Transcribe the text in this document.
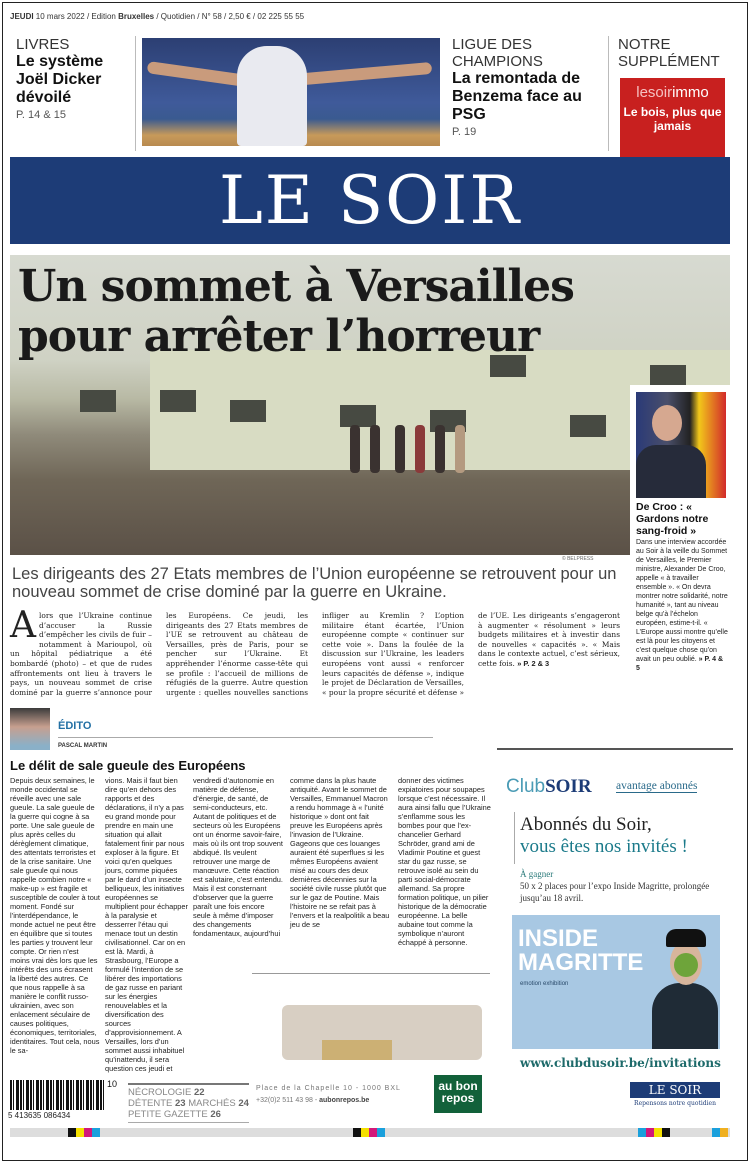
JEUDI 10 mars 2022 / Edition Bruxelles / Quotidien / N° 58 / 2,50 € / 02 225 55 55
LIVRES
Le système Joël Dicker dévoilé
P. 14 & 15
LIGUE DES CHAMPIONS
La remontada de Benzema face au PSG
P. 19
NOTRE SUPPLÉMENT
lesoirimmo
Le bois, plus que jamais
LE SOIR
Un sommet à Versailles
pour arrêter l’horreur
De Croo : « Gardons notre sang-froid »
Dans une interview accordée au Soir à la veille du Sommet de Versailles, le Premier ministre, Alexander De Croo, appelle « à travailler ensemble ». « On devra montrer notre solidarité, notre humanité », tant au niveau belge qu’à l’échelon européen, estime-t-il. « L’Europe aussi montre qu’elle est là pour les citoyens et c’est quelque chose qu’on avait un peu oublié. » P. 4 & 5
© BELPRESS
Les dirigeants des 27 Etats membres de l’Union européenne se retrouvent pour un nouveau sommet de crise dominé par la guerre en Ukraine.
Alors que l’Ukraine continue d’accuser la Russie d’empêcher les civils de fuir – notamment à Marioupol, où un hôpital pédiatrique a été bombardé (photo) – et que de rudes affrontements ont lieu à travers le pays, un nouveau sommet de crise dominé par la guerre s’annonce pour les Européens. Ce jeudi, les dirigeants des 27 Etats membres de l’UE se retrouvent au château de Versailles, près de Paris, pour se pencher sur l’Ukraine. Et appréhender l’énorme casse-tête qui se profile : l’accueil de millions de réfugiés de la guerre. Autre question urgente : quelles nouvelles sanctions infliger au Kremlin ? L’option militaire étant écartée, l’Union européenne compte « continuer sur cette voie ». Dans la foulée de la discussion sur l’Ukraine, les leaders européens vont aussi « renforcer leurs capacités de défense », indique le projet de Déclaration de Versailles, « pour la propre sécurité et défense » de l’UE. Les dirigeants s’engageront à augmenter « résolument » leurs budgets militaires et à investir dans de nouvelles « capacités ». « Mais dans le contexte actuel, c’est sérieux, cette fois. » P. 2 & 3
ÉDITO
PASCAL MARTIN
Le délit de sale gueule des Européens
Depuis deux semaines, le monde occidental se réveille avec une sale gueule. La sale gueule de la guerre qui cogne à sa porte. Une sale gueule de plus après celles du dérèglement climatique, des attentats terroristes et de la crise sanitaire. Une sale gueule qui nous rappelle combien notre « make-up » est fragile et susceptible de couler à tout moment. Fondé sur l’interdépendance, le monde actuel ne peut être en équilibre que si toutes les parties y trouvent leur compte. Or rien n’est moins vrai dès lors que les intérêts des uns écrasent la liberté des autres. Ce que nous rappelle à sa manière le conflit russo-ukrainien, avec son enlacement séculaire de causes politiques, économiques, territoriales, identitaires. Tout cela, nous le sa-
vions. Mais il faut bien dire qu’en dehors des rapports et des déclarations, il n’y a pas eu grand monde pour prendre en main une situation qui allait fatalement finir par nous exploser à la figure. Et voici qu’en quelques jours, comme piquées par le dard d’un insecte belliqueux, les initiatives européennes se multiplient pour échapper à la paralysie et desserrer l’étau qui menace tout un destin civilisationnel. Car on en est là. Mardi, à Strasbourg, l’Europe a formulé l’intention de se libérer des importations de gaz russe en pariant sur les énergies renouvelables et la diversification des sources d’approvisionnement. A Versailles, lors d’un sommet aussi inhabituel qu’inattendu, il sera question ces jeudi et
vendredi d’autonomie en matière de défense, d’énergie, de santé, de semi-conducteurs, etc. Autant de politiques et de secteurs où les Européens ont un énorme savoir-faire, mais où ils ont trop souvent abdiqué. Ils veulent retrouver une marge de manœuvre. Cette réaction est salutaire, c’est entendu. Mais il est consternant d’observer que la guerre paraît une fois encore seule à même d’imposer des changements fondamentaux, aujourd’hui
comme dans la plus haute antiquité. Avant le sommet de Versailles, Emmanuel Macron a rendu hommage à « l’unité historique » dont ont fait preuve les Européens après l’invasion de l’Ukraine. Gageons que ces louanges auraient été superflues si les mêmes Européens avaient misé au cours des deux dernières décennies sur la société civile russe plutôt que sur le gaz de Poutine. Mais l’histoire ne se refait pas à l’envers et la realpolitik a beau jeu de se
donner des victimes expiatoires pour soupapes lorsque c’est nécessaire. Il aura ainsi fallu que l’Ukraine s’enflamme sous les bombes pour que l’ex-chancelier Gerhard Schröder, grand ami de Vladimir Poutine et guest star du gaz russe, se retrouve isolé au sein du parti social-démocrate allemand. Sa propre formation politique, un pilier historique de la démocratie européenne. La belle aubaine tout comme la symbolique n’auront échappé à personne.
ClubSOIR avantage abonnés
Abonnés du Soir,
vous êtes nos invités !
À gagner
50 x 2 places pour l’expo Inside Magritte, prolongée jusqu’au 18 avril.
INSIDE
MAGRITTE
emotion exhibition
www.clubdusoir.be/invitations
LE SOIR
Repensons notre quotidien
Place de la Chapelle 10 - 1000 BXL
+32(0)2 511 43 98 - aubonrepos.be
au bon repos
5 413635 086434
10
NÉCROLOGIE 22
DÉTENTE 23 MARCHÉS 24
PETITE GAZETTE 26
